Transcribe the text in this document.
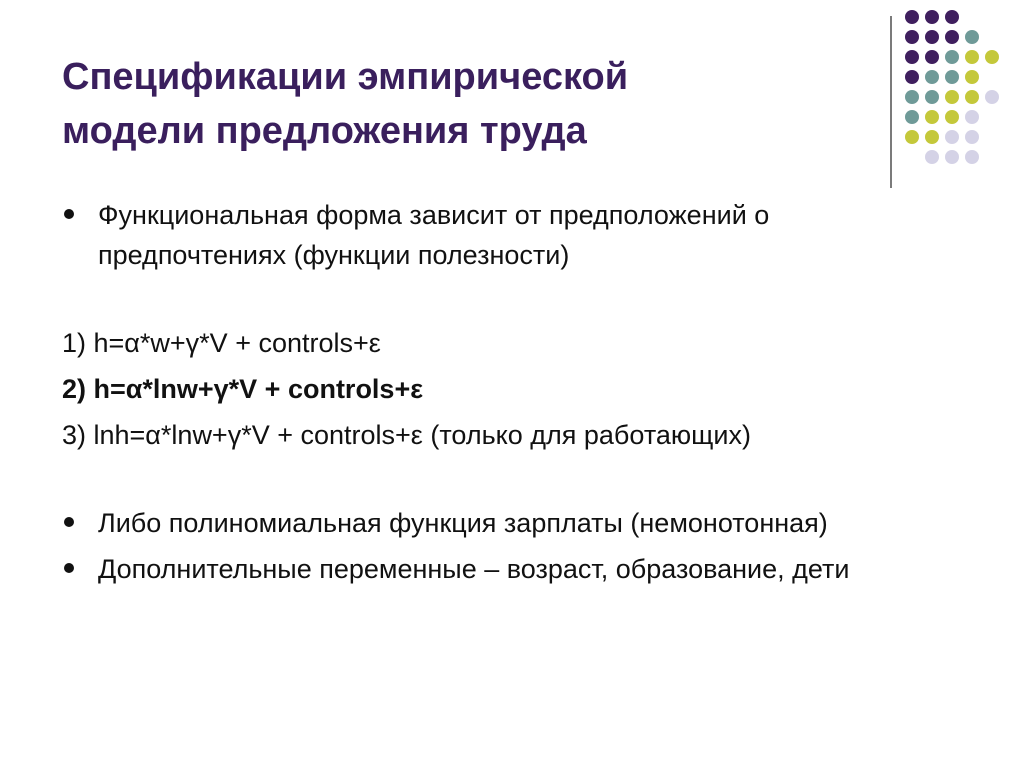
Спецификации эмпирической
модели предложения труда
Функциональная форма зависит от предположений о предпочтениях (функции полезности)
1) h=α*w+γ*V + controls+ε
2) h=α*lnw+γ*V + controls+ε
3) lnh=α*lnw+γ*V + controls+ε (только для работающих)
Либо полиномиальная функция зарплаты (немонотонная)
Дополнительные переменные – возраст, образование, дети
